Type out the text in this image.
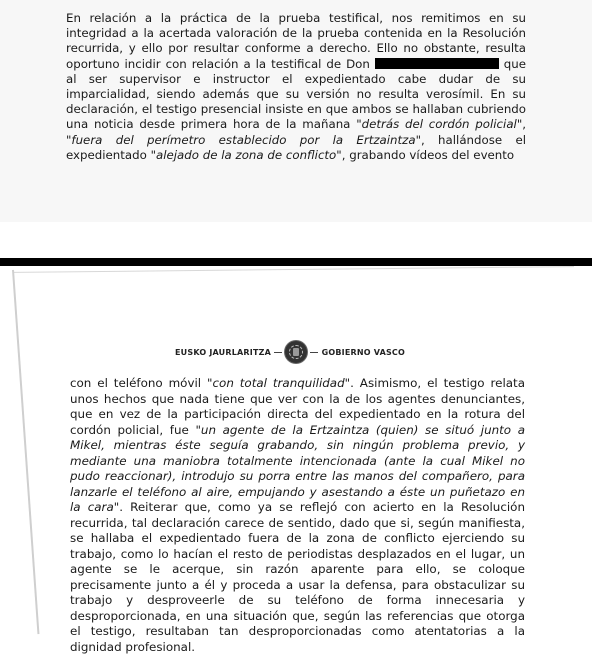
En relación a la práctica de la prueba testifical, nos remitimos en su integridad a la acertada valoración de la prueba contenida en la Resolución recurrida, y ello por resultar conforme a derecho. Ello no obstante, resulta oportuno incidir con relación a la testifical de Don	que al ser supervisor e instructor el expedientado cabe dudar de su imparcialidad, siendo además que su versión no resulta verosímil. En su declaración, el testigo presencial insiste en que ambos se hallaban cubriendo una noticia desde primera hora de la mañana "detrás del cordón policial", "fuera del perímetro establecido por la Ertzaintza", hallándose el expedientado "alejado de la zona de conflicto", grabando vídeos del evento

EUSKO JAURLARITZA	GOBIERNO VASCO

con el teléfono móvil "con total tranquilidad". Asimismo, el testigo relata unos hechos que nada tiene que ver con la de los agentes denunciantes, que en vez de la participación directa del expedientado en la rotura del cordón policial, fue "un agente de la Ertzaintza (quien) se situó junto a Mikel, mientras éste seguía grabando, sin ningún problema previo, y mediante una maniobra totalmente intencionada (ante la cual Mikel no pudo reaccionar), introdujo su porra entre las manos del compañero, para lanzarle el teléfono al aire, empujando y asestando a éste un puñetazo en la cara". Reiterar que, como ya se reflejó con acierto en la Resolución recurrida, tal declaración carece de sentido, dado que si, según manifiesta, se hallaba el expedientado fuera de la zona de conflicto ejerciendo su trabajo, como lo hacían el resto de periodistas desplazados en el lugar, un agente se le acerque, sin razón aparente para ello, se coloque precisamente junto a él y proceda a usar la defensa, para obstaculizar su trabajo y desproveerle de su teléfono de forma innecesaria y desproporcionada, en una situación que, según las referencias que otorga el testigo, resultaban tan desproporcionadas como atentatorias a la dignidad profesional.
